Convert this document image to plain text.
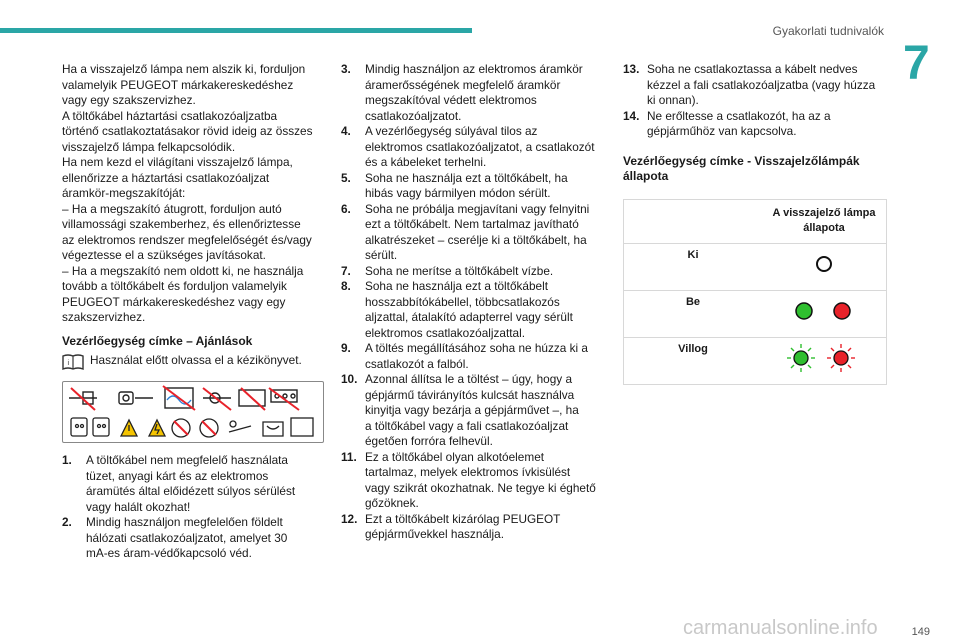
Gyakorlati tudnivalók
7

Ha a visszajelző lámpa nem alszik ki, forduljon
valamelyik PEUGEOT márkakereskedéshez
vagy egy szakszervizhez.
A töltőkábel háztartási csatlakozóaljzatba
történő csatlakoztatásakor rövid ideig az összes
visszajelző lámpa felkapcsolódik.
Ha nem kezd el világítani visszajelző lámpa,
ellenőrizze a háztartási csatlakozóaljzat
áramkör-megszakítóját:
– Ha a megszakító átugrott, forduljon autó
villamossági szakemberhez, és ellenőriztesse
az elektromos rendszer megfelelőségét és/vagy
végeztesse el a szükséges javításokat.
– Ha a megszakító nem oldott ki, ne használja
tovább a töltőkábelt és forduljon valamelyik
PEUGEOT márkakereskedéshez vagy egy
szakszervizhez.

Vezérlőegység címke – Ajánlások
i Használat előtt olvassa el a kézikönyvet.
1.	A töltőkábel nem megfelelő használata
tüzet, anyagi kárt és az elektromos
áramütés által előidézett súlyos sérülést
vagy halált okozhat!
2.	Mindig használjon megfelelően földelt
hálózati csatlakozóaljzatot, amelyet 30
mA-es áram-védőkapcsoló véd.
3.	Mindig használjon az elektromos áramkör
áramerősségének megfelelő áramkör
megszakítóval védett elektromos
csatlakozóaljzatot.
4.	A vezérlőegység súlyával tilos az
elektromos csatlakozóaljzatot, a csatlakozót
és a kábeleket terhelni.
5.	Soha ne használja ezt a töltőkábelt, ha
hibás vagy bármilyen módon sérült.
6.	Soha ne próbálja megjavítani vagy felnyitni
ezt a töltőkábelt. Nem tartalmaz javítható
alkatrészeket – cserélje ki a töltőkábelt, ha
sérült.
7.	Soha ne merítse a töltőkábelt vízbe.
8.	Soha ne használja ezt a töltőkábelt
hosszabbítókábellel, többcsatlakozós
aljzattal, átalakító adapterrel vagy sérült
elektromos csatlakozóaljzattal.
9.	A töltés megállításához soha ne húzza ki a
csatlakozót a falból.
10. Azonnal állítsa le a töltést – úgy, hogy a
gépjármű távirányítós kulcsát használva
kinyitja vagy bezárja a gépjárművet –, ha
a töltőkábel vagy a fali csatlakozóaljzat
égetően forróra felhevül.
11. Ez a töltőkábel olyan alkotóelemet
tartalmaz, melyek elektromos ívkisülést
vagy szikrát okozhatnak. Ne tegye ki éghető
gőzöknek.
12. Ezt a töltőkábelt kizárólag PEUGEOT
gépjárművekkel használja.
13. Soha ne csatlakoztassa a kábelt nedves
kézzel a fali csatlakozóaljzatba (vagy húzza
ki onnan).
14. Ne erőltesse a csatlakozót, ha az a
gépjárműhöz van kapcsolva.
Vezérlőegység címke - Visszajelzőlámpák
állapota

	A visszajelző lámpa
állapota

Ki	
Be	
Villog	
149
carmanualsonline.info
